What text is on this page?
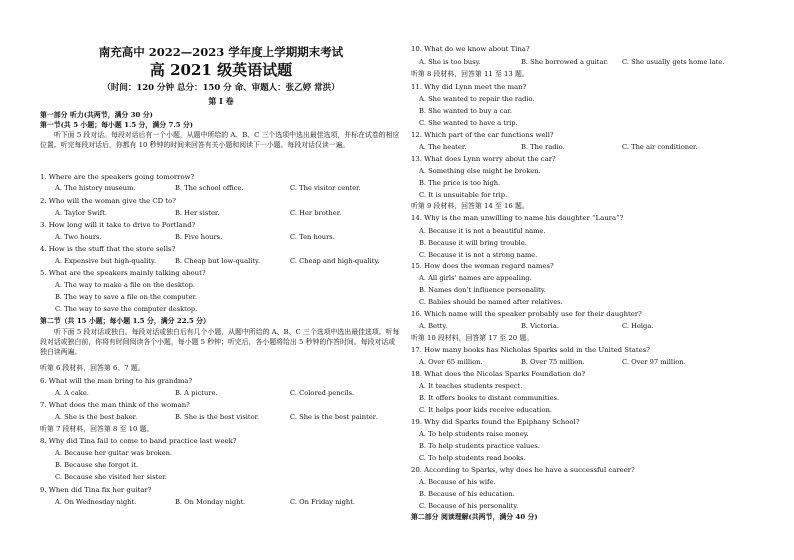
南充高中 2022—2023 学年度上学期期末考试
高 2021 级英语试题
（时间：120 分钟 总分：150 分 命、审题人：张乙婷 常洪）
第 I 卷
第一部分 听力(共两节，满分 30 分)
第一节(共 5 小题；每小题 1.5 分，满分 7.5 分)
听下面 5 段对话。每段对话后有一个小题，从题中所给的 A、B、C 三个选项中选出最佳选项，并标在试卷的相应位置。听完每段对话后，你都有 10 秒钟的时间来回答有关小题和阅读下一小题。每段对话仅读一遍。
1. Where are the speakers going tomorrow?
A. The history museum.	B. The school office.	C. The visitor center.
2. Who will the woman give the CD to?
A. Taylor Swift.	B. Her sister.	C. Her brother.
3. How long will it take to drive to Portland?
A. Two hours.	B. Five hours.	C. Ten hours.
4. How is the stuff that the store sells?
A. Expensive but high-quality.	B. Cheap but low-quality.	C. Cheap and high-quality.
5. What are the speakers mainly talking about?
A. The way to make a file on the desktop.
B. The way to save a file on the computer.
C. The way to save the computer desktop.
第二节（共 15 小题；每小题 1.5 分，满分 22.5 分）
听下面 5 段对话或独白。每段对话或独白后有几个小题，从题中所给的 A、B、C 三个选项中选出最佳选项。听每段对话或独白前，你将有时间阅读各个小题，每小题 5 秒钟；听完后，各小题将给出 5 秒钟的作答时间。每段对话或独白读两遍。
听第 6 段材料，回答第 6、7 题。
6. What will the man bring to his grandma?
A. A cake.	B. A picture.	C. Colored pencils.
7. What does the man think of the woman?
A. She is the best baker.	B. She is the best visitor.	C. She is the best painter.
听第 7 段材料，回答第 8 至 10 题。
8. Why did Tina fail to come to band practice last week?
A. Because her guitar was broken.
B. Because she forgot it.
C. Because she visited her sister.
9. When did Tina fix her guitar?
A. On Wednesday night.	B. On Monday night.	C. On Friday night.
10. What do we know about Tina?
A. She is too busy.	B. She borrowed a guitar. C. She usually gets home late.
听第 8 段材料，回答第 11 至 13 题。
11. Why did Lynn meet the man?
A. She wanted to repair the radio.
B. She wanted to buy a car.
C. She wanted to have a trip.
12. Which part of the car functions well?
A. The heater.	B. The radio.	C. The air conditioner.
13. What does Lynn worry about the car?
A. Something else might be broken.
B. The price is too high.
C. It is unsuitable for trip.
听第 9 段材料，回答第 14 至 16 题。
14. Why is the man unwilling to name his daughter “Laura”?
A. Because it is not a beautiful name.
B. Because it will bring trouble.
C. Because it is not a strong name.
15. How does the woman regard names?
A. All girls’ names are appealing.
B. Names don’t influence personality.
C. Babies should be named after relatives.
16. Which name will the speaker probably use for their daughter?
A. Betty.	B. Victoria.	C. Helga.
听第 10 段材料，回答第 17 至 20 题。
17. How many books has Nicholas Sparks sold in the United States?
A. Over 65 million.	B. Over 75 million.	C. Over 97 million.
18. What does the Nicolas Sparks Foundation do?
A. It teaches students respect.
B. It offers books to distant communities.
C. It helps poor kids receive education.
19. Why did Sparks found the Epiphany School?
A. To help students raise money.
B. To help students practice values.
C. To help students read books.
20. According to Sparks, why does he have a successful career?
A. Because of his wife.
B. Because of his education.
C. Because of his personality.
第二部分 阅读理解(共两节，满分 40 分)
